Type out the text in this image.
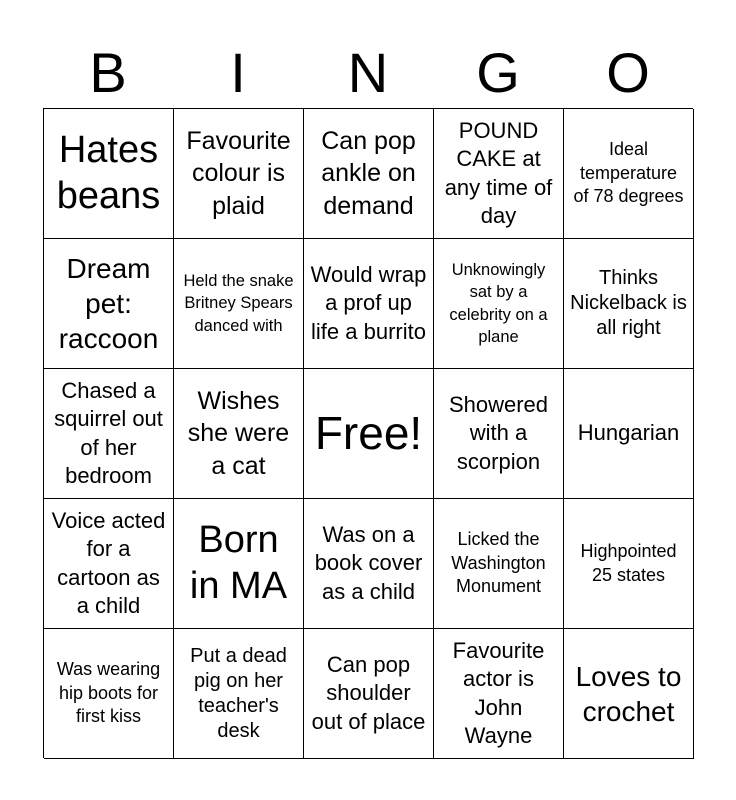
B	I	N	G	O
Hates beans
Favourite colour is plaid
Can pop ankle on demand
POUND CAKE at any time of day
Ideal temperature of 78 degrees
Dream pet: raccoon
Held the snake Britney Spears danced with
Would wrap a prof up life a burrito
Unknowingly sat by a celebrity on a plane
Thinks Nickelback is all right
Chased a squirrel out of her bedroom
Wishes she were a cat
Free!
Showered with a scorpion
Hungarian
Voice acted for a cartoon as a child
Born in MA
Was on a book cover as a child
Licked the Washington Monument
Highpointed 25 states
Was wearing hip boots for first kiss
Put a dead pig on her teacher's desk
Can pop shoulder out of place
Favourite actor is John Wayne
Loves to crochet
